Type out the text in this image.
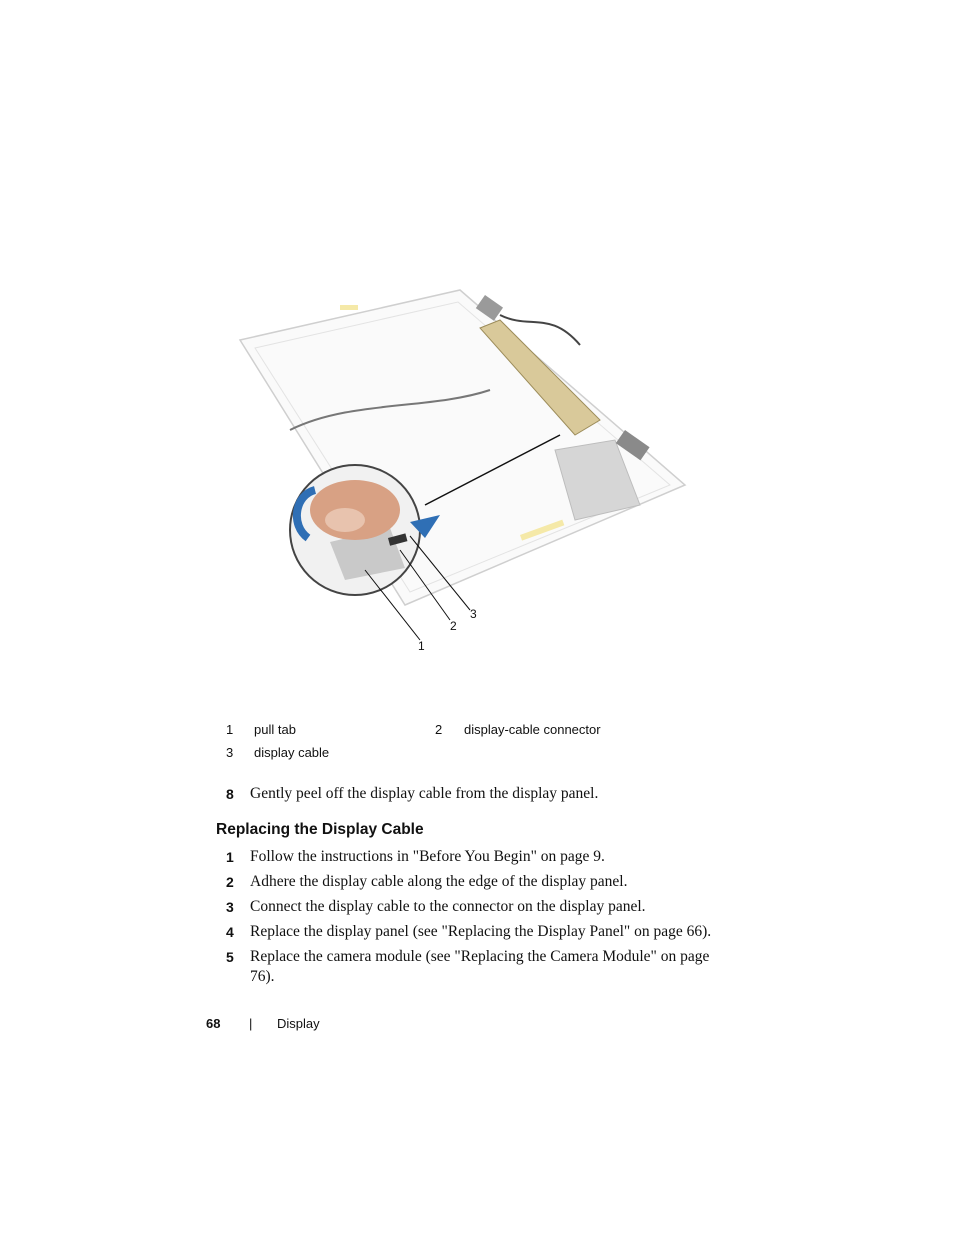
1
2
3
1	pull tab	2	display-cable connector
3	display cable
8 Gently peel off the display cable from the display panel.
Replacing the Display Cable
1 Follow the instructions in "Before You Begin" on page 9.
2 Adhere the display cable along the edge of the display panel.
3 Connect the display cable to the connector on the display panel.
4 Replace the display panel (see "Replacing the Display Panel" on page 66).
5 Replace the camera module (see "Replacing the Camera Module" on page 76).
68 | Display
